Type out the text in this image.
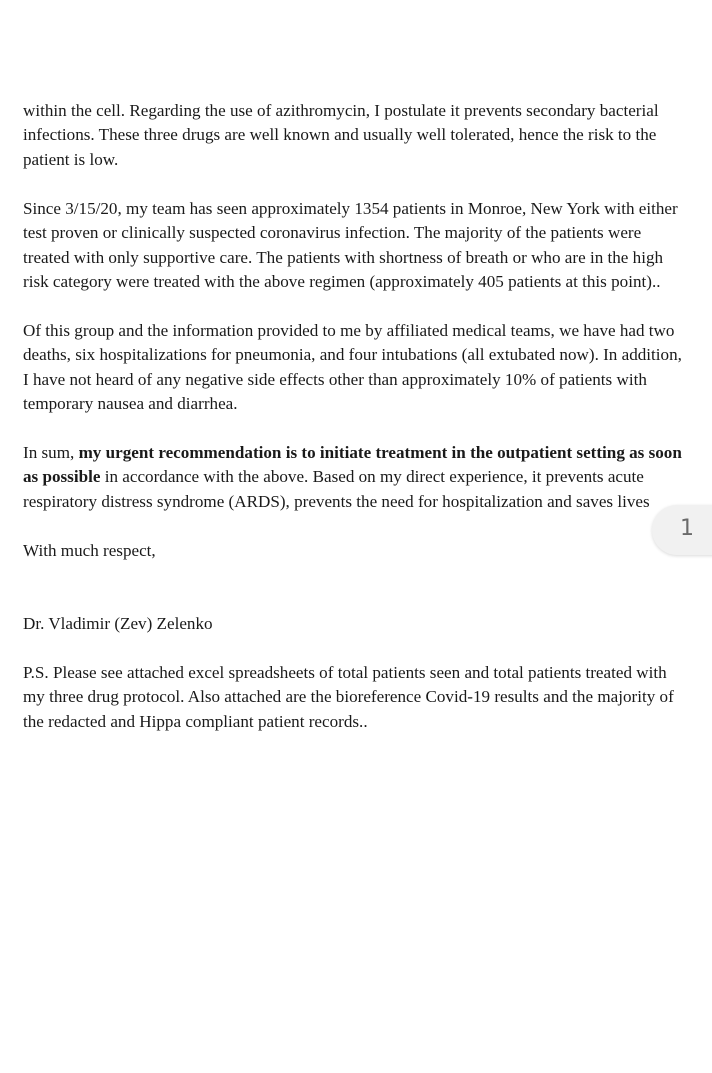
within the cell. Regarding the use of azithromycin, I postulate it prevents secondary bacterial
infections. These three drugs are well known and usually well tolerated, hence the risk to the
patient is low.
Since 3/15/20, my team has seen approximately 1354 patients in Monroe, New York with either
test proven or clinically suspected coronavirus infection. The majority of the patients were
treated with only supportive care. The patients with shortness of breath or who are in the high
risk category were treated with the above regimen (approximately 405 patients at this point)..
Of this group and the information provided to me by affiliated medical teams, we have had two
deaths, six hospitalizations for pneumonia, and four intubations (all extubated now). In addition,
I have not heard of any negative side effects other than approximately 10% of patients with
temporary nausea and diarrhea.
In sum, my urgent recommendation is to initiate treatment in the outpatient setting as soon
as possible in accordance with the above. Based on my direct experience, it prevents acute
respiratory distress syndrome (ARDS), prevents the need for hospitalization and saves lives
With much respect,
Dr. Vladimir (Zev) Zelenko
P.S. Please see attached excel spreadsheets of total patients seen and total patients treated with
my three drug protocol. Also attached are the bioreference Covid-19 results and the majority of
the redacted and Hippa compliant patient records..
1
